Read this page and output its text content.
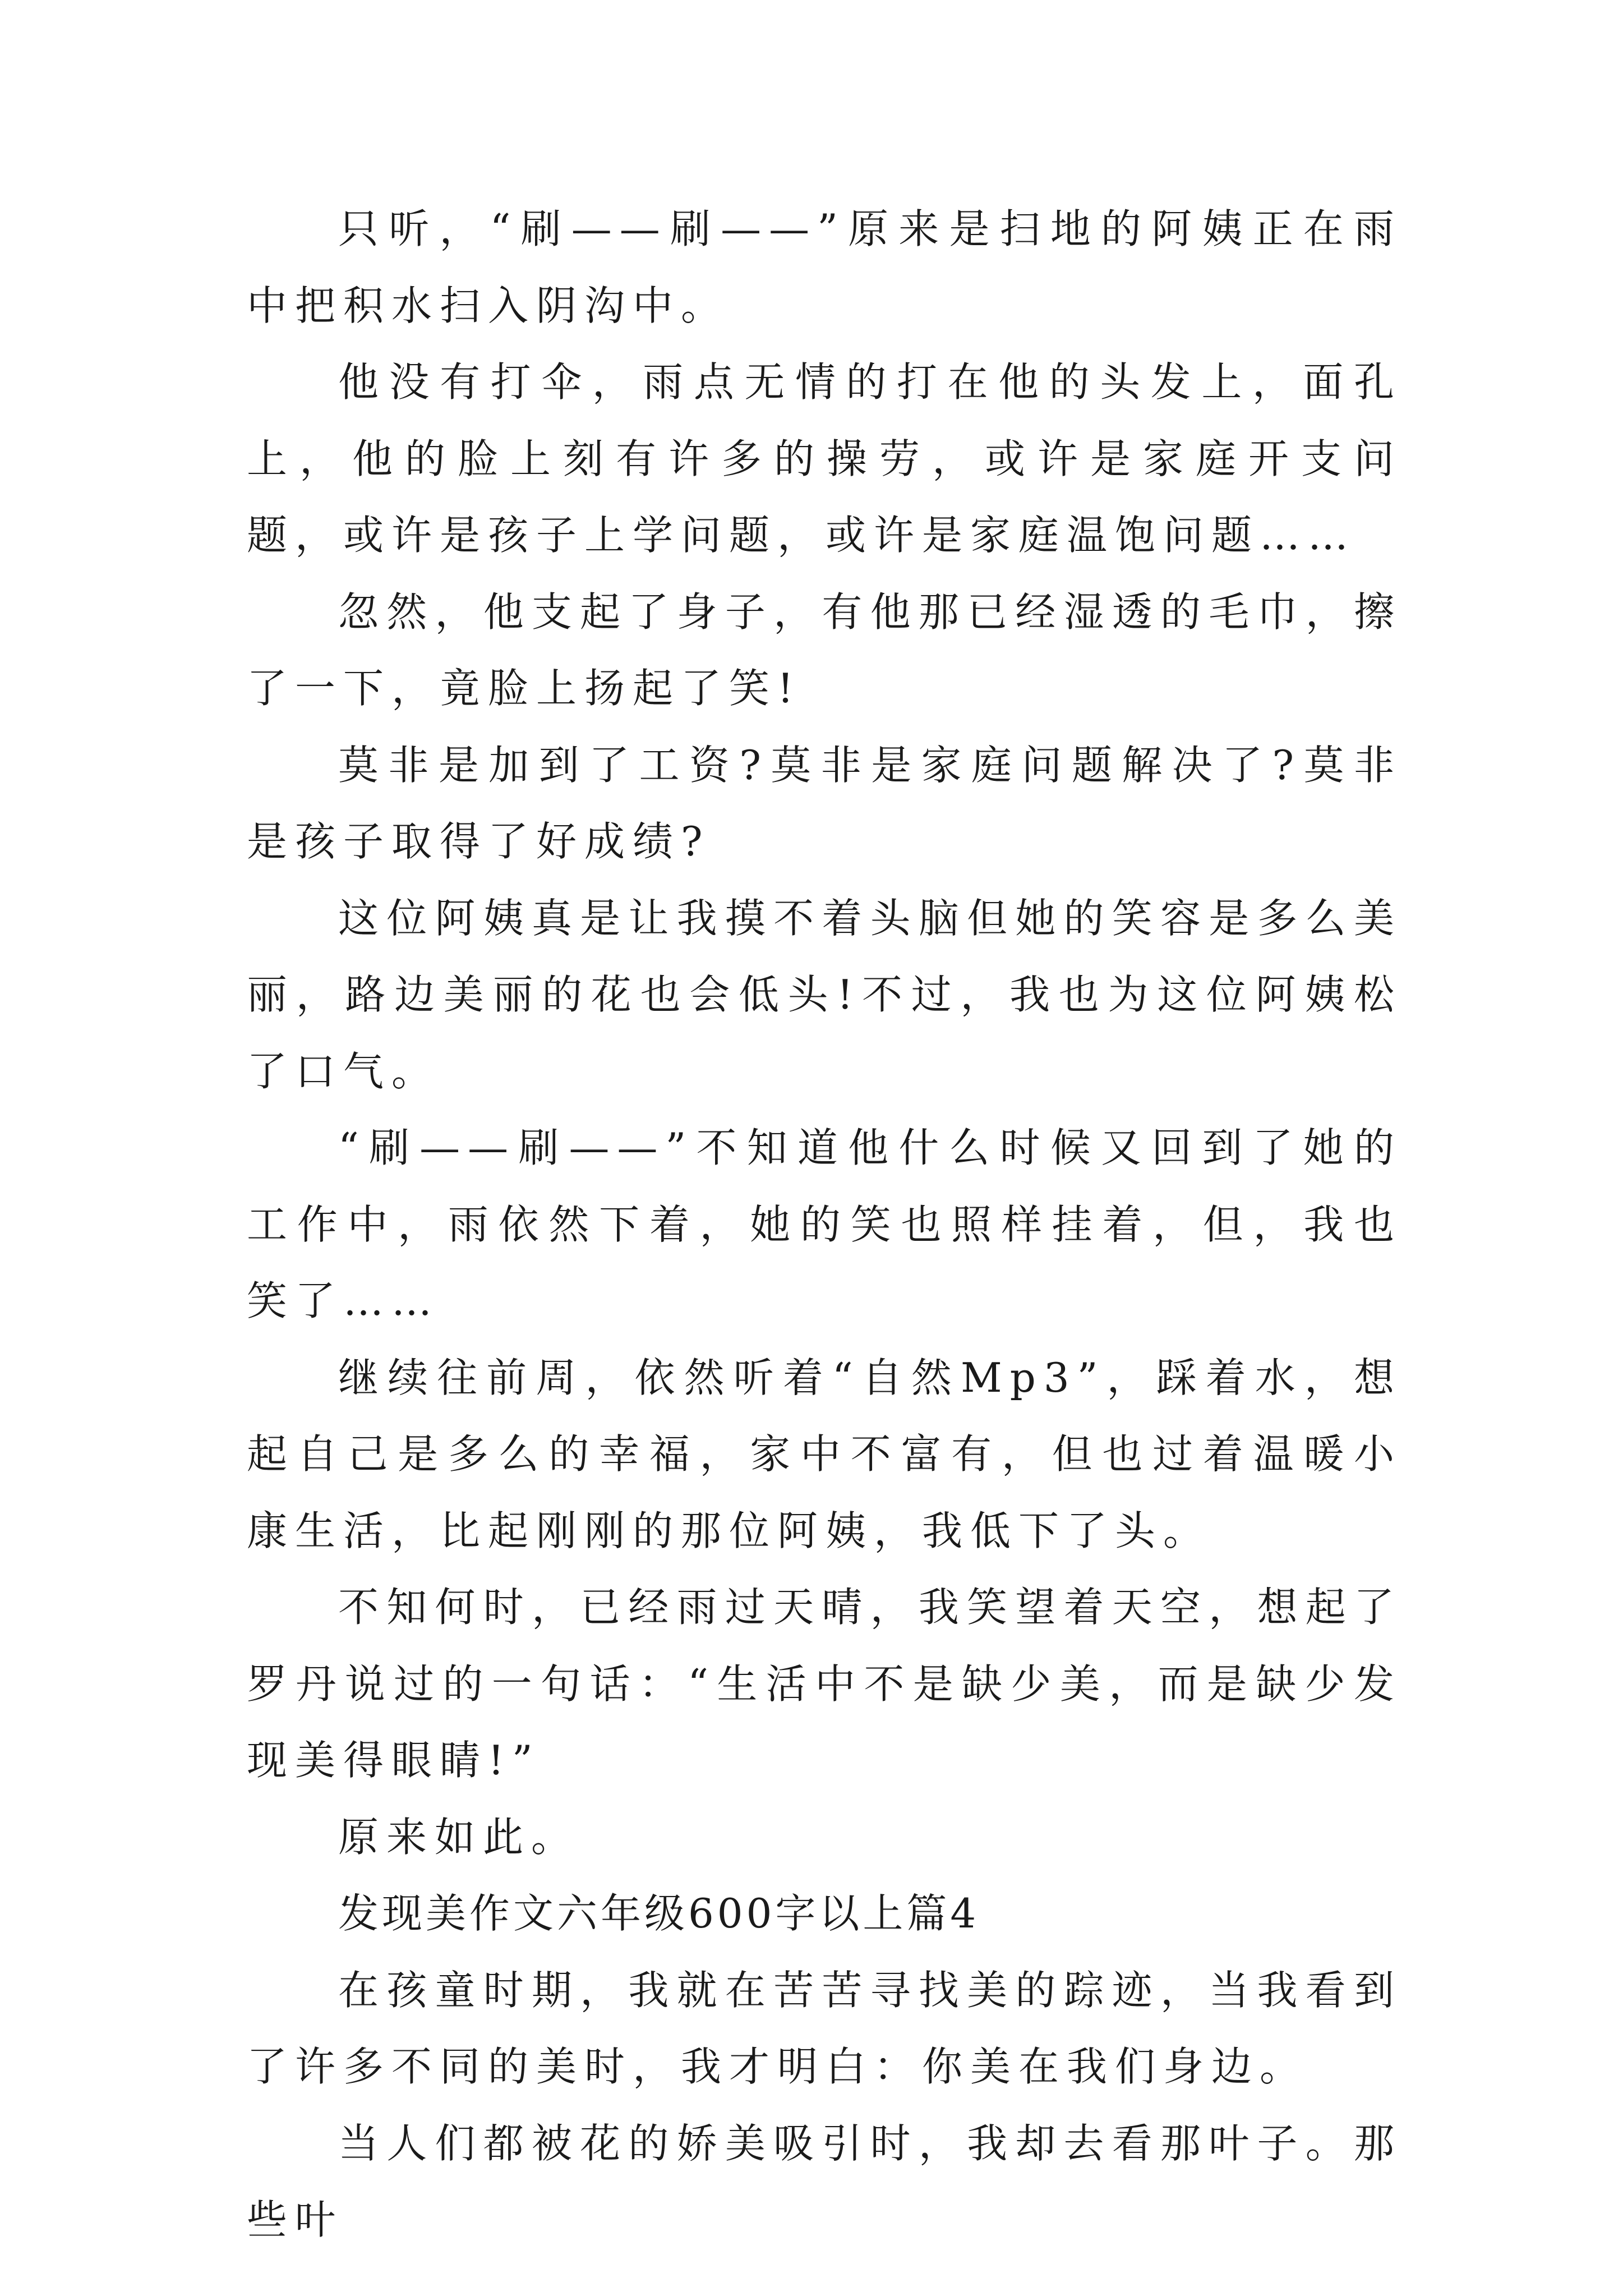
只听，“刷——刷——”原来是扫地的阿姨正在雨中把积水扫入阴沟中。

他没有打伞，雨点无情的打在他的头发上，面孔上，他的脸上刻有许多的操劳，或许是家庭开支问题，或许是孩子上学问题，或许是家庭温饱问题……

忽然，他支起了身子，有他那已经湿透的毛巾，擦了一下，竟脸上扬起了笑!

莫非是加到了工资?莫非是家庭问题解决了?莫非是孩子取得了好成绩?

这位阿姨真是让我摸不着头脑但她的笑容是多么美丽，路边美丽的花也会低头!不过，我也为这位阿姨松了口气。

“刷——刷——”不知道他什么时候又回到了她的工作中，雨依然下着，她的笑也照样挂着，但，我也笑了……

继续往前周，依然听着“自然Mp3”，踩着水，想起自己是多么的幸福，家中不富有，但也过着温暖小康生活，比起刚刚的那位阿姨，我低下了头。

不知何时，已经雨过天晴，我笑望着天空，想起了罗丹说过的一句话：“生活中不是缺少美，而是缺少发现美得眼睛!”

原来如此。

发现美作文六年级600字以上篇4

在孩童时期，我就在苦苦寻找美的踪迹，当我看到了许多不同的美时，我才明白：你美在我们身边。

当人们都被花的娇美吸引时，我却去看那叶子。那些叶
